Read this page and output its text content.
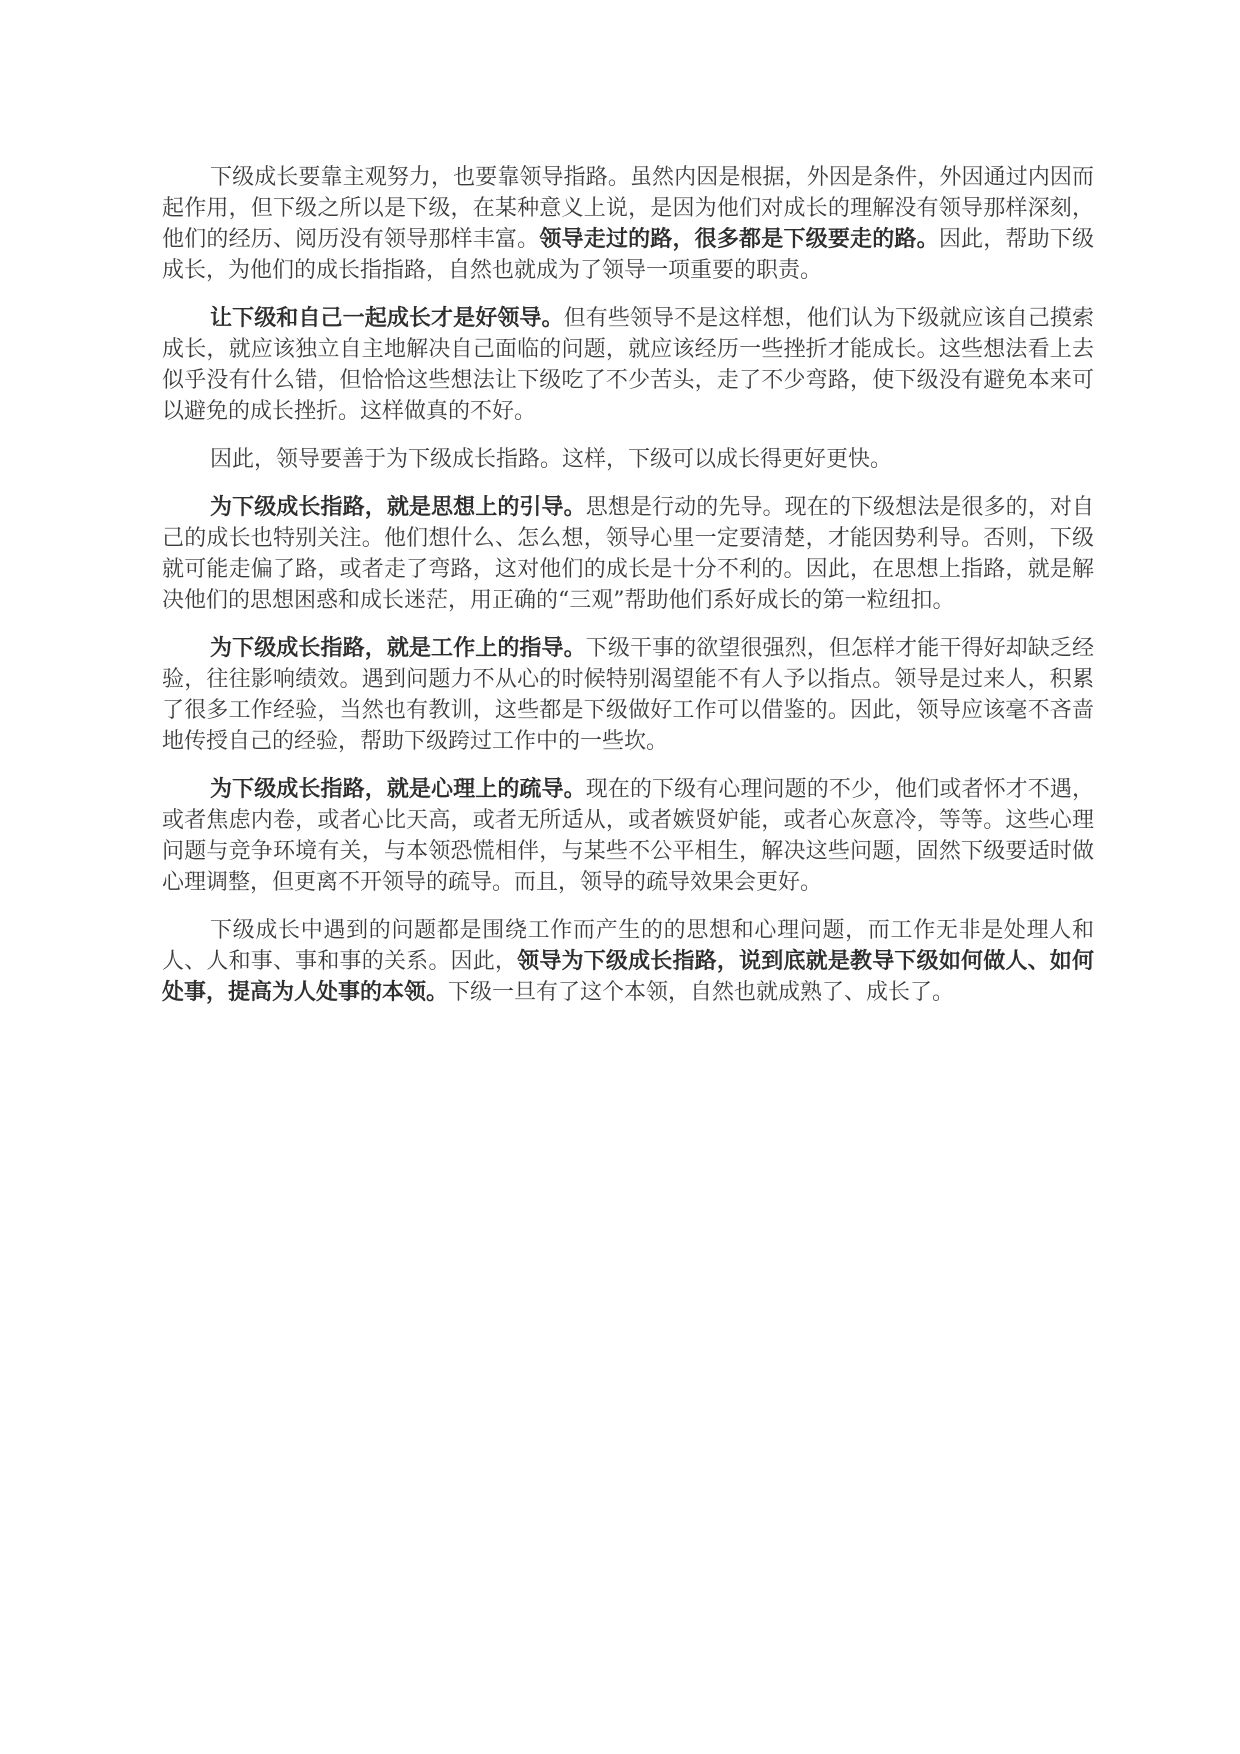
下级成长要靠主观努力，也要靠领导指路。虽然内因是根据，外因是条件，外因通过内因而起作用，但下级之所以是下级，在某种意义上说，是因为他们对成长的理解没有领导那样深刻，他们的经历、阅历没有领导那样丰富。领导走过的路，很多都是下级要走的路。因此，帮助下级成长，为他们的成长指指路，自然也就成为了领导一项重要的职责。

让下级和自己一起成长才是好领导。但有些领导不是这样想，他们认为下级就应该自己摸索成长，就应该独立自主地解决自己面临的问题，就应该经历一些挫折才能成长。这些想法看上去似乎没有什么错，但恰恰这些想法让下级吃了不少苦头，走了不少弯路，使下级没有避免本来可以避免的成长挫折。这样做真的不好。

因此，领导要善于为下级成长指路。这样，下级可以成长得更好更快。

为下级成长指路，就是思想上的引导。思想是行动的先导。现在的下级想法是很多的，对自己的成长也特别关注。他们想什么、怎么想，领导心里一定要清楚，才能因势利导。否则，下级就可能走偏了路，或者走了弯路，这对他们的成长是十分不利的。因此，在思想上指路，就是解决他们的思想困惑和成长迷茫，用正确的“三观”帮助他们系好成长的第一粒纽扣。

为下级成长指路，就是工作上的指导。下级干事的欲望很强烈，但怎样才能干得好却缺乏经验，往往影响绩效。遇到问题力不从心的时候特别渴望能不有人予以指点。领导是过来人，积累了很多工作经验，当然也有教训，这些都是下级做好工作可以借鉴的。因此，领导应该毫不吝啬地传授自己的经验，帮助下级跨过工作中的一些坎。

为下级成长指路，就是心理上的疏导。现在的下级有心理问题的不少，他们或者怀才不遇，或者焦虑内卷，或者心比天高，或者无所适从，或者嫉贤妒能，或者心灰意冷，等等。这些心理问题与竞争环境有关，与本领恐慌相伴，与某些不公平相生，解决这些问题，固然下级要适时做心理调整，但更离不开领导的疏导。而且，领导的疏导效果会更好。

下级成长中遇到的问题都是围绕工作而产生的的思想和心理问题，而工作无非是处理人和人、人和事、事和事的关系。因此，领导为下级成长指路，说到底就是教导下级如何做人、如何处事，提高为人处事的本领。下级一旦有了这个本领，自然也就成熟了、成长了。
